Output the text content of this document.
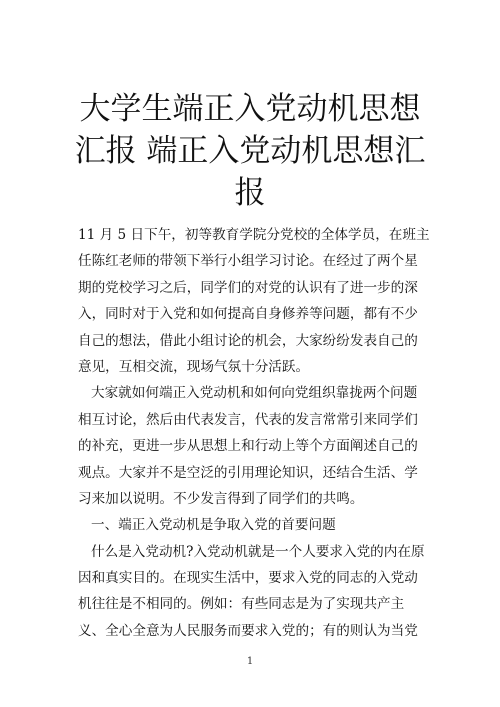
大学生端正入党动机思想
汇报 端正入党动机思想汇
报
11 月 5 日下午，初等教育学院分党校的全体学员，在班主
任陈红老师的带领下举行小组学习讨论。在经过了两个星
期的党校学习之后，同学们的对党的认识有了进一步的深
入，同时对于入党和如何提高自身修养等问题，都有不少
自己的想法，借此小组讨论的机会，大家纷纷发表自己的
意见，互相交流，现场气氛十分活跃。
大家就如何端正入党动机和如何向党组织靠拢两个问题
相互讨论，然后由代表发言，代表的发言常常引来同学们
的补充，更进一步从思想上和行动上等个方面阐述自己的
观点。大家并不是空泛的引用理论知识，还结合生活、学
习来加以说明。不少发言得到了同学们的共鸣。
一、端正入党动机是争取入党的首要问题
什么是入党动机?入党动机就是一个人要求入党的内在原
因和真实目的。在现实生活中，要求入党的同志的入党动
机往往是不相同的。例如：有些同志是为了实现共产主
义、全心全意为人民服务而要求入党的；有的则认为当党
1
